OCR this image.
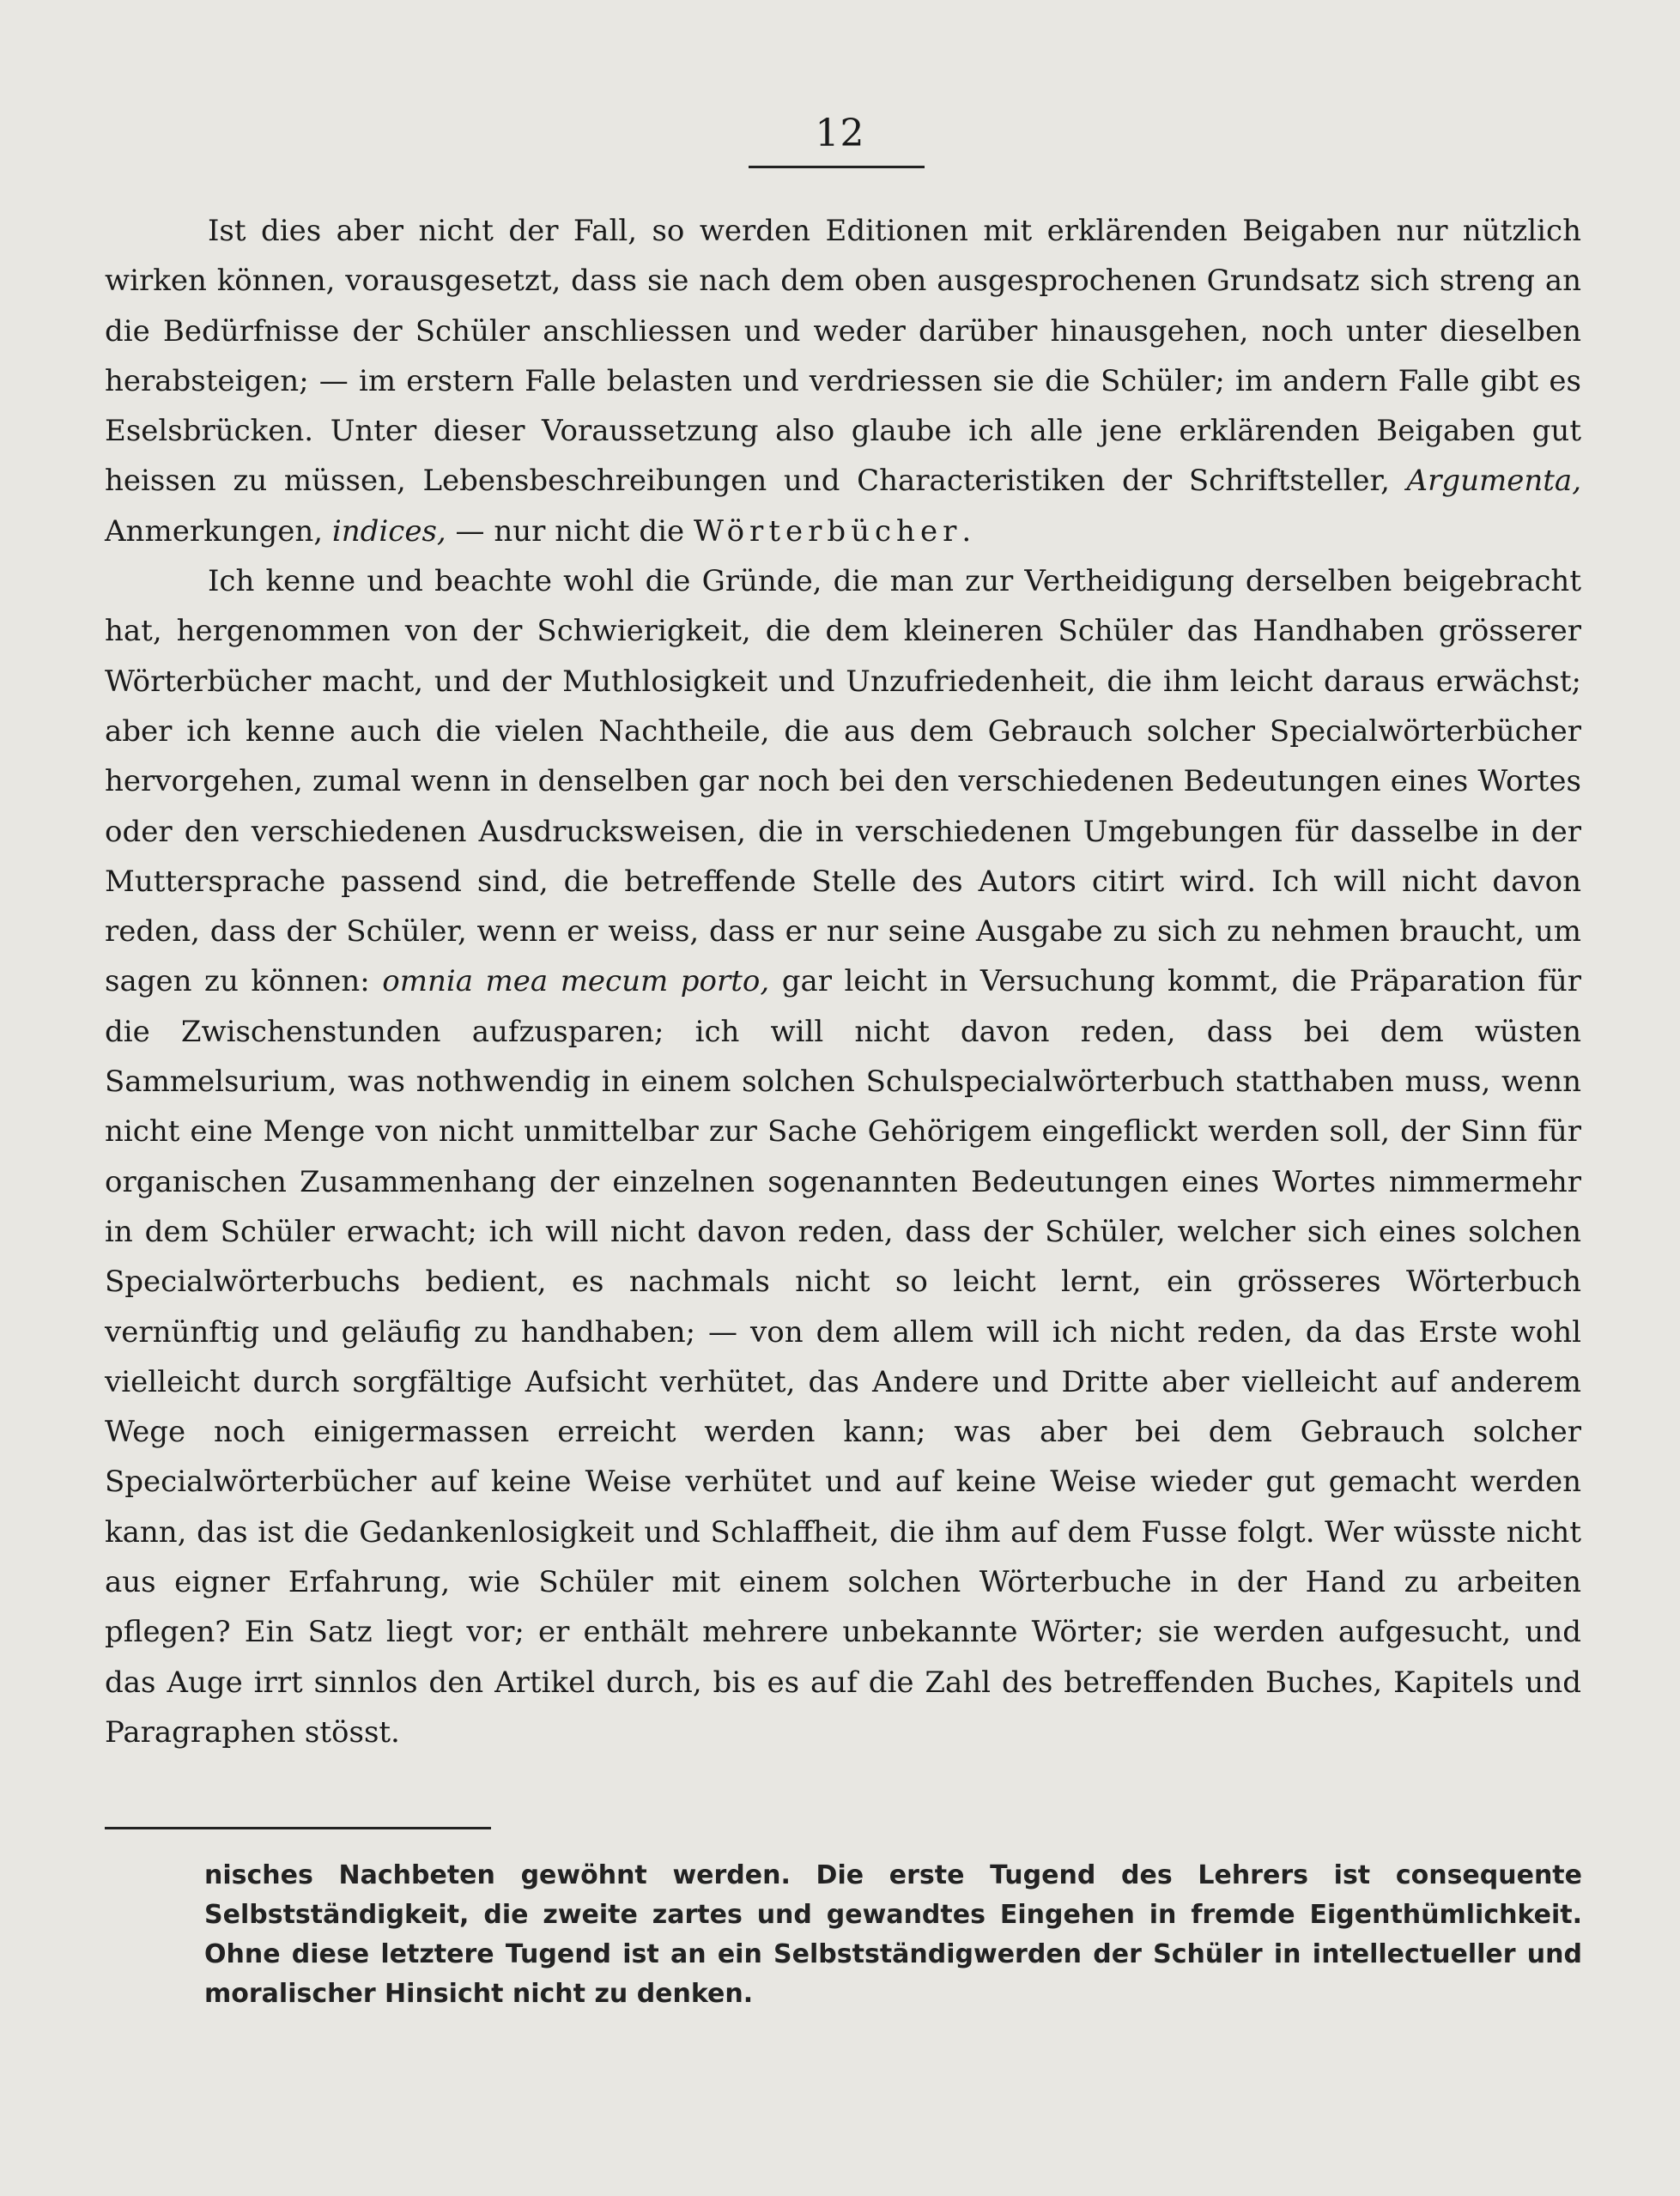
12

Ist dies aber nicht der Fall, so werden Editionen mit erklärenden Beigaben nur nützlich wirken können, vorausgesetzt, dass sie nach dem oben ausgesprochenen Grundsatz sich streng an die Bedürfnisse der Schüler anschliessen und weder darüber hinausgehen, noch unter dieselben herabsteigen; — im erstern Falle belasten und verdriessen sie die Schüler; im andern Falle gibt es Eselsbrücken. Unter dieser Voraussetzung also glaube ich alle jene erklärenden Beigaben gut heissen zu müssen, Lebensbeschreibungen und Characteristiken der Schriftsteller, Argumenta, Anmerkungen, indices, — nur nicht die Wörterbücher.

Ich kenne und beachte wohl die Gründe, die man zur Vertheidigung derselben beigebracht hat, hergenommen von der Schwierigkeit, die dem kleineren Schüler das Handhaben grösserer Wörterbücher macht, und der Muthlosigkeit und Unzufriedenheit, die ihm leicht daraus erwächst; aber ich kenne auch die vielen Nachtheile, die aus dem Gebrauch solcher Specialwörterbücher hervorgehen, zumal wenn in denselben gar noch bei den verschiedenen Bedeutungen eines Wortes oder den verschiedenen Ausdrucksweisen, die in verschiedenen Umgebungen für dasselbe in der Muttersprache passend sind, die betreffende Stelle des Autors citirt wird. Ich will nicht davon reden, dass der Schüler, wenn er weiss, dass er nur seine Ausgabe zu sich zu nehmen braucht, um sagen zu können: omnia mea mecum porto, gar leicht in Versuchung kommt, die Präparation für die Zwischenstunden aufzusparen; ich will nicht davon reden, dass bei dem wüsten Sammelsurium, was nothwendig in einem solchen Schulspecialwörterbuch statthaben muss, wenn nicht eine Menge von nicht unmittelbar zur Sache Gehörigem eingeflickt werden soll, der Sinn für organischen Zusammenhang der einzelnen sogenannten Bedeutungen eines Wortes nimmermehr in dem Schüler erwacht; ich will nicht davon reden, dass der Schüler, welcher sich eines solchen Specialwörterbuchs bedient, es nachmals nicht so leicht lernt, ein grösseres Wörterbuch vernünftig und geläufig zu handhaben; — von dem allem will ich nicht reden, da das Erste wohl vielleicht durch sorgfältige Aufsicht verhütet, das Andere und Dritte aber vielleicht auf anderem Wege noch einigermassen erreicht werden kann; was aber bei dem Gebrauch solcher Specialwörterbücher auf keine Weise verhütet und auf keine Weise wieder gut gemacht werden kann, das ist die Gedankenlosigkeit und Schlaffheit, die ihm auf dem Fusse folgt. Wer wüsste nicht aus eigner Erfahrung, wie Schüler mit einem solchen Wörterbuche in der Hand zu arbeiten pflegen? Ein Satz liegt vor; er enthält mehrere unbekannte Wörter; sie werden aufgesucht, und das Auge irrt sinnlos den Artikel durch, bis es auf die Zahl des betreffenden Buches, Kapitels und Paragraphen stösst.

nisches Nachbeten gewöhnt werden. Die erste Tugend des Lehrers ist consequente Selbstständigkeit, die zweite zartes und gewandtes Eingehen in fremde Eigenthümlichkeit. Ohne diese letztere Tugend ist an ein Selbstständigwerden der Schüler in intellectueller und moralischer Hinsicht nicht zu denken.
